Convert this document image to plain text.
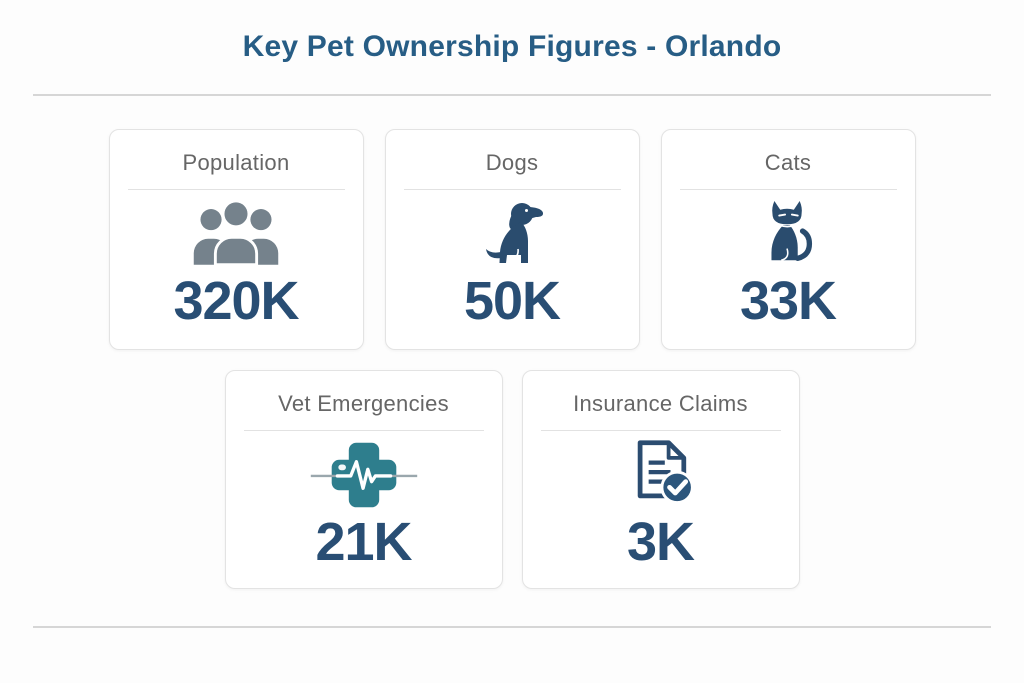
Key Pet Ownership Figures - Orlando
Population
320K
Dogs
50K
Cats
33K
Vet Emergencies
21K
Insurance Claims
3K
